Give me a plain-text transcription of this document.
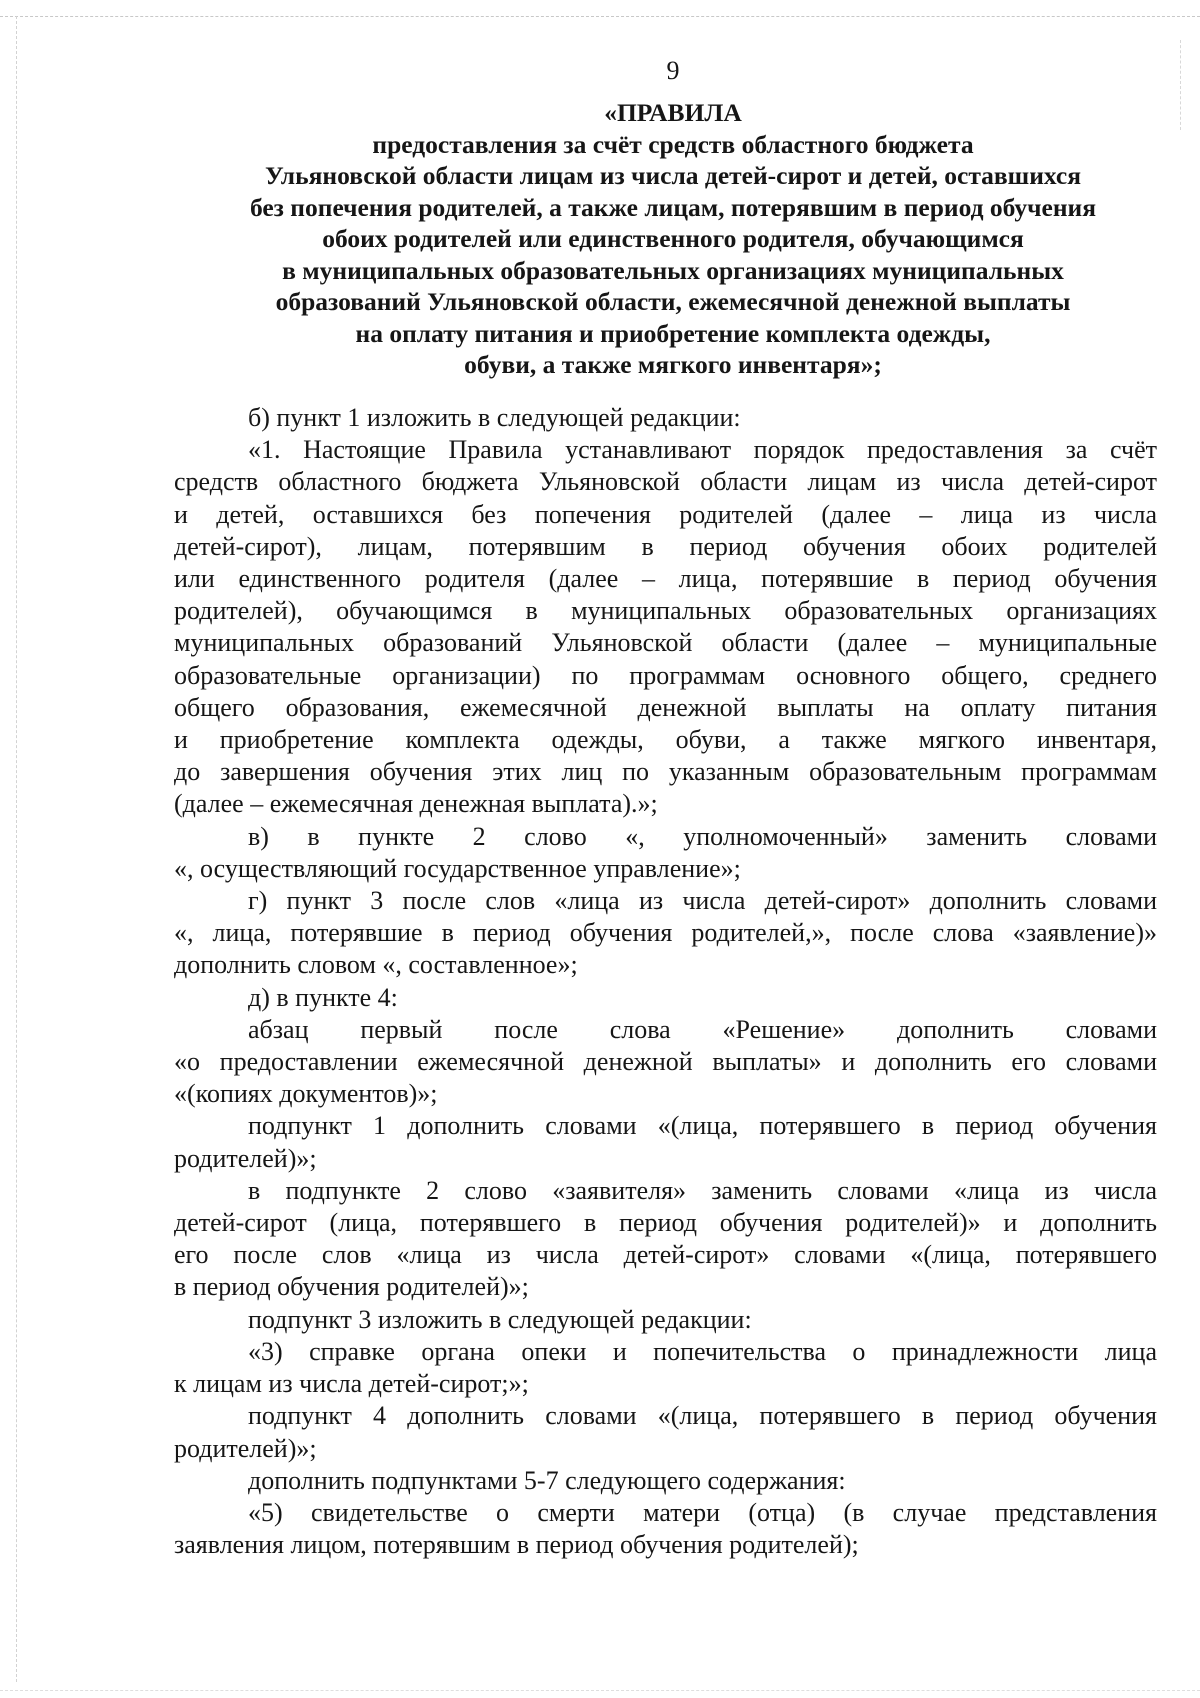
9
«ПРАВИЛА
предоставления за счёт средств областного бюджета
Ульяновской области лицам из числа детей-сирот и детей, оставшихся
без попечения родителей, а также лицам, потерявшим в период обучения
обоих родителей или единственного родителя, обучающимся
в муниципальных образовательных организациях муниципальных
образований Ульяновской области, ежемесячной денежной выплаты
на оплату питания и приобретение комплекта одежды,
обуви, а также мягкого инвентаря»;
б) пункт 1 изложить в следующей редакции:
«1. Настоящие Правила устанавливают порядок предоставления за счёт
средств областного бюджета Ульяновской области лицам из числа детей-сирот
и детей, оставшихся без попечения родителей (далее – лица из числа
детей-сирот), лицам, потерявшим в период обучения обоих родителей
или единственного родителя (далее – лица, потерявшие в период обучения
родителей), обучающимся в муниципальных образовательных организациях
муниципальных образований Ульяновской области (далее – муниципальные
образовательные организации) по программам основного общего, среднего
общего образования, ежемесячной денежной выплаты на оплату питания
и приобретение комплекта одежды, обуви, а также мягкого инвентаря,
до завершения обучения этих лиц по указанным образовательным программам
(далее – ежемесячная денежная выплата).»;
в) в пункте 2 слово «, уполномоченный» заменить словами
«, осуществляющий государственное управление»;
г) пункт 3 после слов «лица из числа детей-сирот» дополнить словами
«, лица, потерявшие в период обучения родителей,», после слова «заявление)»
дополнить словом «, составленное»;
д) в пункте 4:
абзац первый после слова «Решение» дополнить словами
«о предоставлении ежемесячной денежной выплаты» и дополнить его словами
«(копиях документов)»;
подпункт 1 дополнить словами «(лица, потерявшего в период обучения
родителей)»;
в подпункте 2 слово «заявителя» заменить словами «лица из числа
детей-сирот (лица, потерявшего в период обучения родителей)» и дополнить
его после слов «лица из числа детей-сирот» словами «(лица, потерявшего
в период обучения родителей)»;
подпункт 3 изложить в следующей редакции:
«3) справке органа опеки и попечительства о принадлежности лица
к лицам из числа детей-сирот;»;
подпункт 4 дополнить словами «(лица, потерявшего в период обучения
родителей)»;
дополнить подпунктами 5-7 следующего содержания:
«5) свидетельстве о смерти матери (отца) (в случае представления
заявления лицом, потерявшим в период обучения родителей);
